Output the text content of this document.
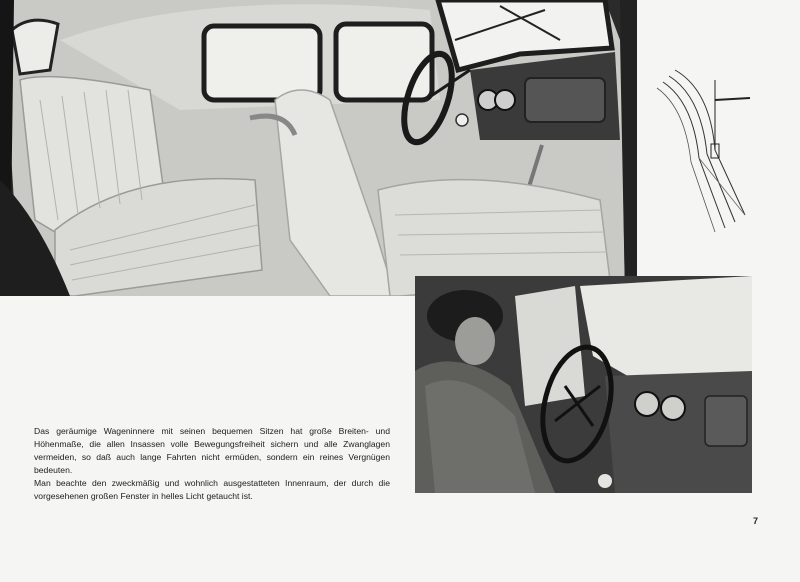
Das geräumige Wageninnere mit seinen bequemen Sitzen hat große Breiten- und Höhenmaße, die allen Insassen volle Bewegungsfreiheit sichern und alle Zwanglagen vermeiden, so daß auch lange Fahrten nicht ermüden, sondern ein reines Vergnügen bedeuten.

Man beachte den zweckmäßig und wohnlich ausgestatteten Innenraum, der durch die vorgesehenen großen Fenster in helles Licht getaucht ist.

7
